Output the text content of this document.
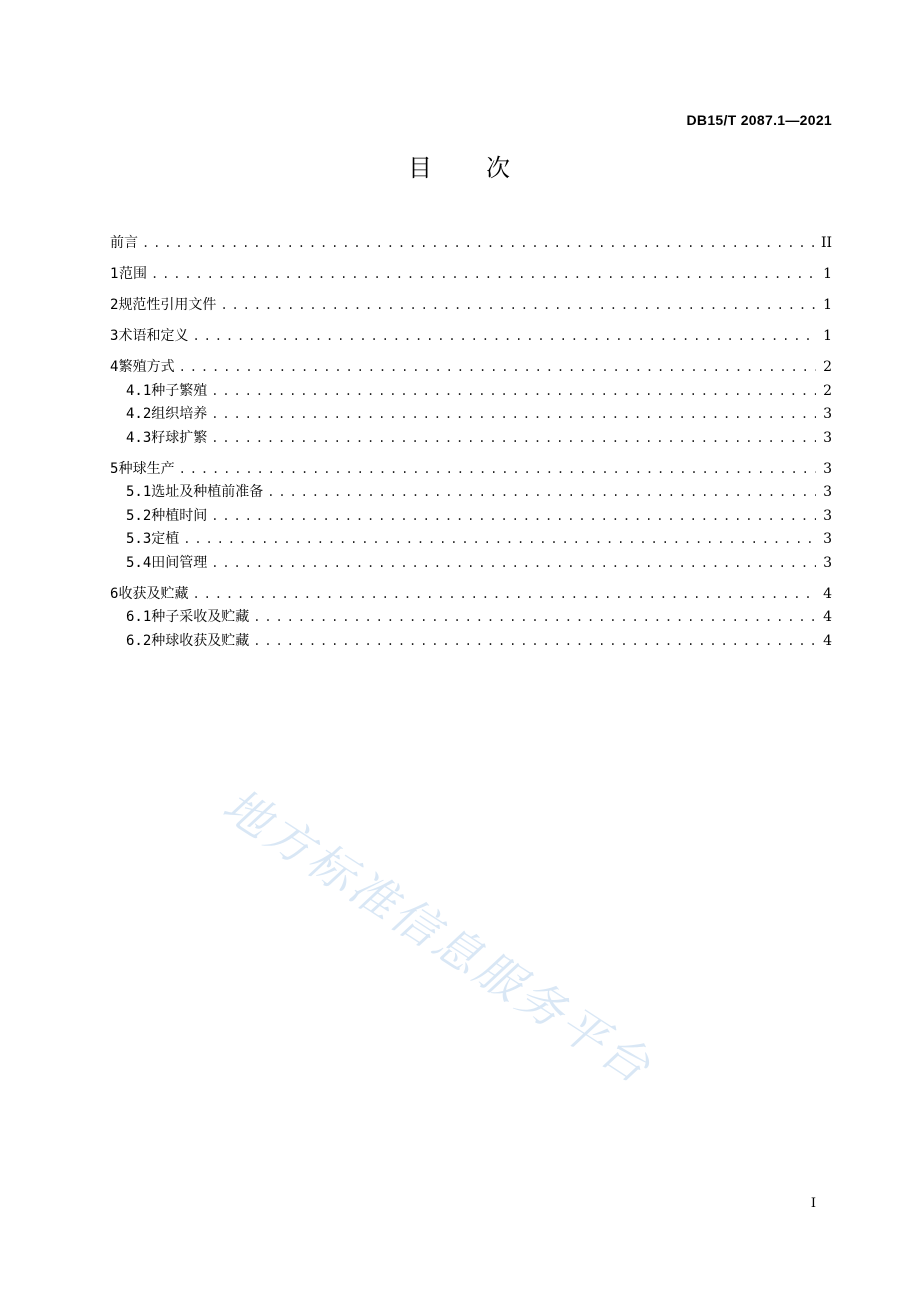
DB15/T 2087.1—2021
目　　次
前言 .....	II
1 范围 .....	1
2 规范性引用文件 .....	1
3 术语和定义 .....	1
4 繁殖方式 .....	2
4.1 种子繁殖 .....	2
4.2 组织培养 .....	3
4.3 籽球扩繁 .....	3
5 种球生产 .....	3
5.1 选址及种植前准备 .....	3
5.2 种植时间 .....	3
5.3 定植 .....	3
5.4 田间管理 .....	3
6 收获及贮藏 .....	4
6.1 种子采收及贮藏 .....	4
6.2 种球收获及贮藏 .....	4
地方标准信息服务平台
I
